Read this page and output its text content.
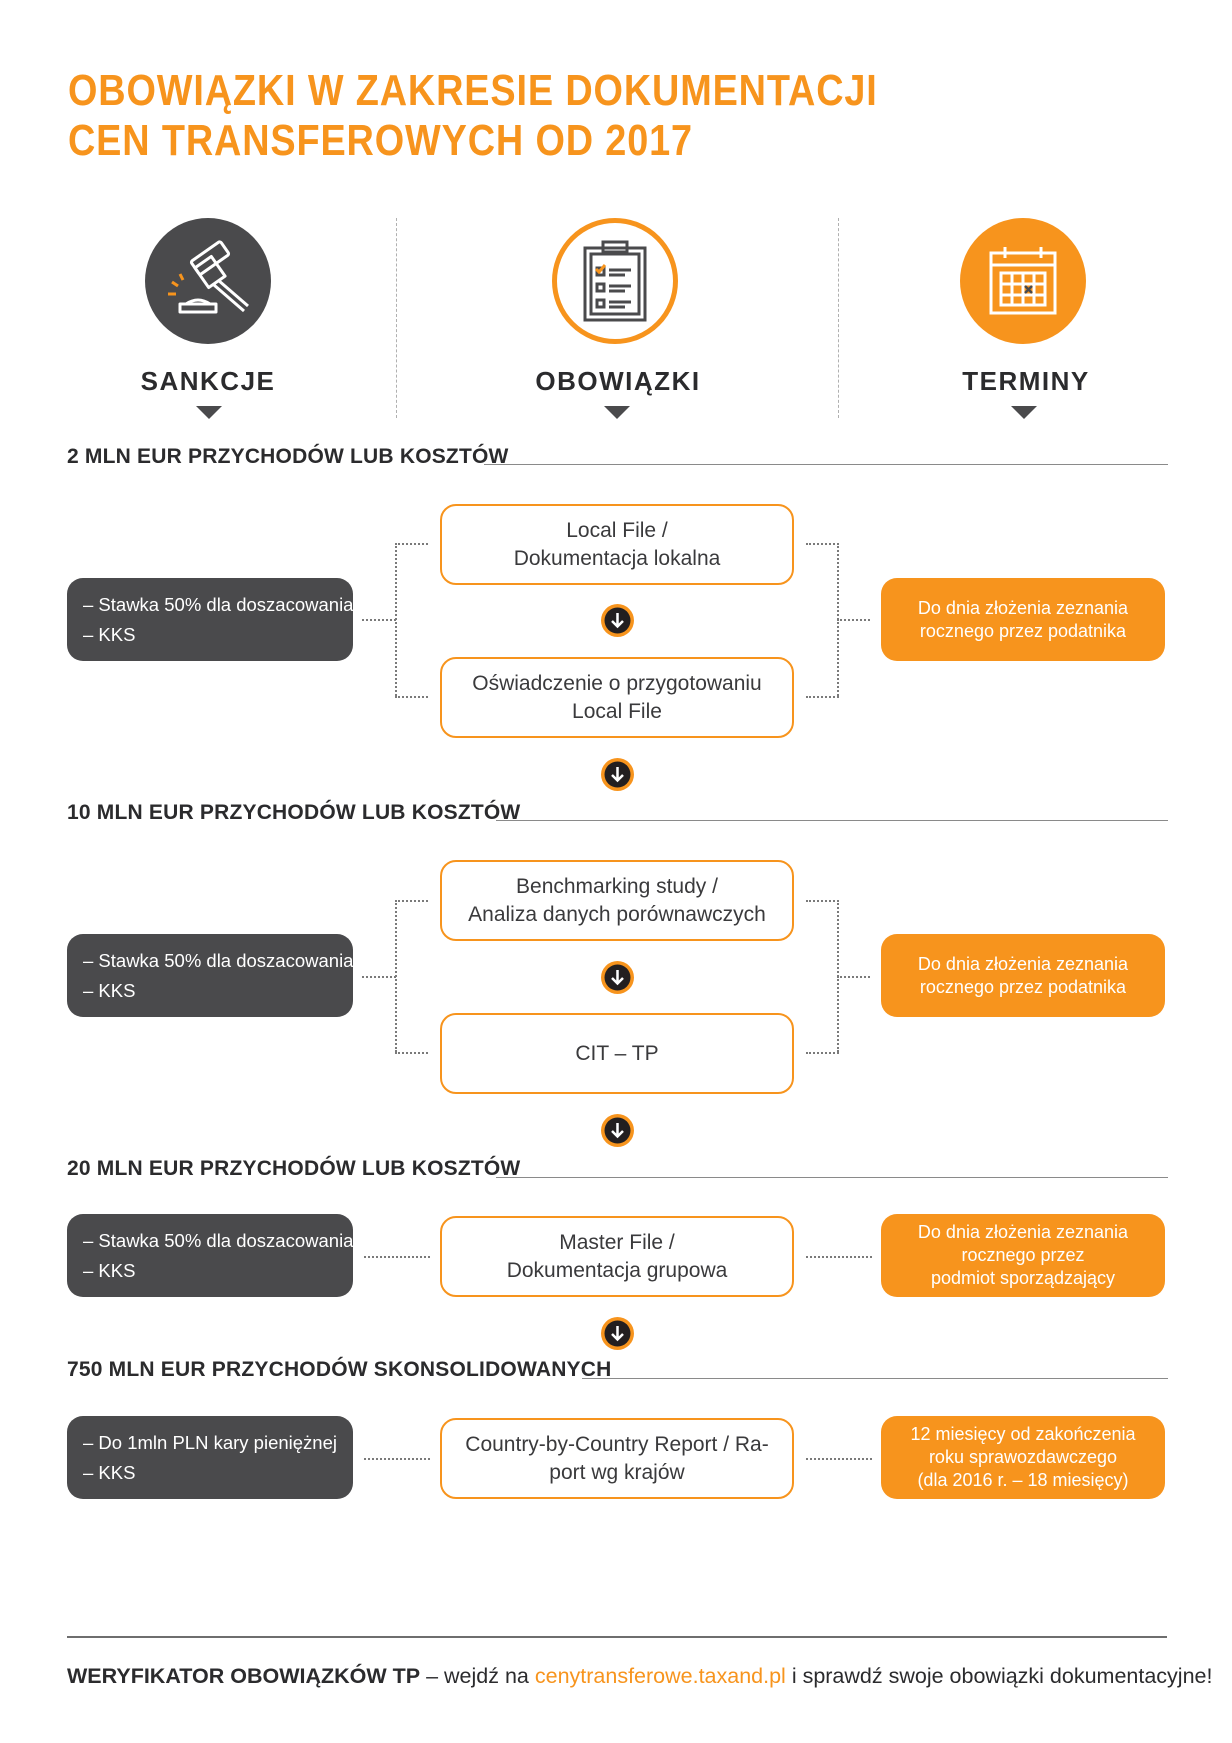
OBOWIĄZKI W ZAKRESIE DOKUMENTACJI
CEN TRANSFEROWYCH OD 2017
SANKCJE	OBOWIĄZKI	TERMINY
2 MLN EUR PRZYCHODÓW LUB KOSZTÓW
– Stawka 50% dla doszacowania
– KKS
Local File /
Dokumentacja lokalna
Oświadczenie o przygotowaniu
Local File
Do dnia złożenia zeznania
rocznego przez podatnika
10 MLN EUR PRZYCHODÓW LUB KOSZTÓW
– Stawka 50% dla doszacowania
– KKS
Benchmarking study /
Analiza danych porównawczych
CIT – TP
Do dnia złożenia zeznania
rocznego przez podatnika
20 MLN EUR PRZYCHODÓW LUB KOSZTÓW
– Stawka 50% dla doszacowania
– KKS
Master File /
Dokumentacja grupowa
Do dnia złożenia zeznania
rocznego przez
podmiot sporządzający
750 MLN EUR PRZYCHODÓW SKONSOLIDOWANYCH
– Do 1mln PLN kary pieniężnej
– KKS
Country-by-Country Report / Ra-
port wg krajów
12 miesięcy od zakończenia
roku sprawozdawczego
(dla 2016 r. – 18 miesięcy)
WERYFIKATOR OBOWIĄZKÓW TP – wejdź na cenytransferowe.taxand.pl i sprawdź swoje obowiązki dokumentacyjne!
